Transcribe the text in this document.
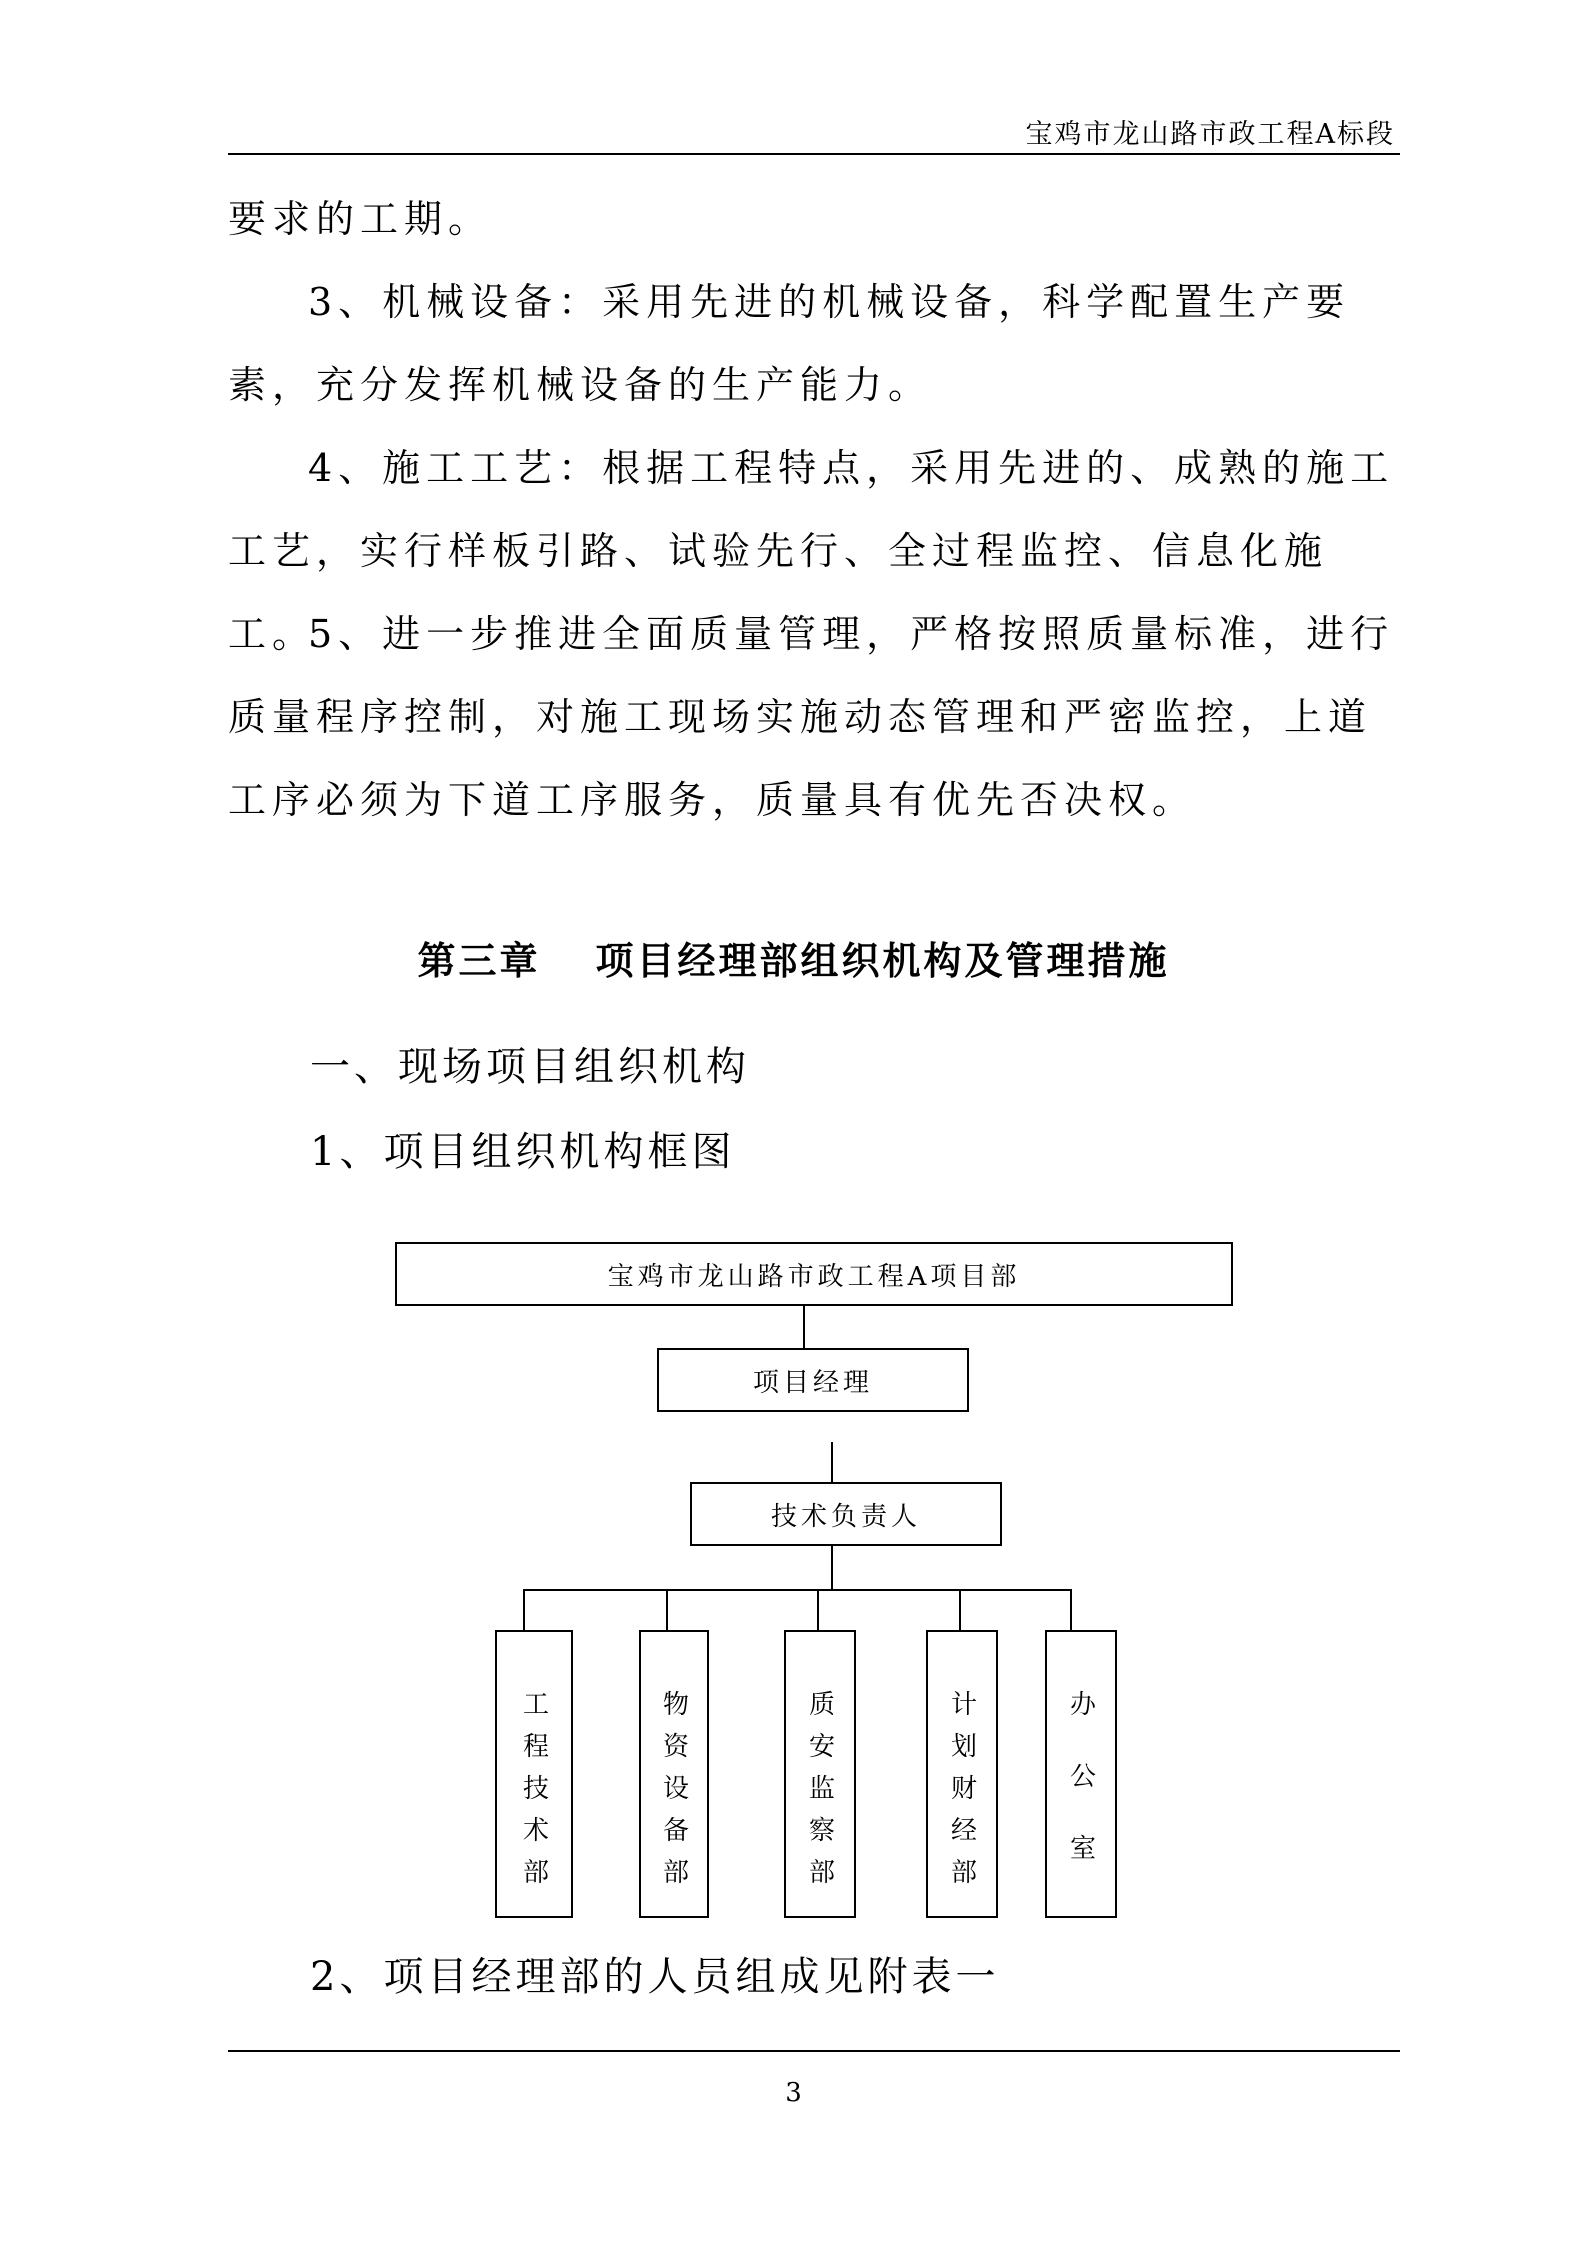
宝鸡市龙山路市政工程A标段

要求的工期。

3、机械设备：采用先进的机械设备，科学配置生产要素，充分发挥机械设备的生产能力。

4、施工工艺：根据工程特点，采用先进的、成熟的施工工艺，实行样板引路、试验先行、全过程监控、信息化施工。

5、进一步推进全面质量管理，严格按照质量标准，进行质量程序控制，对施工现场实施动态管理和严密监控，上道工序必须为下道工序服务，质量具有优先否决权。

第三章 项目经理部组织机构及管理措施
一、现场项目组织机构
1、项目组织机构框图
宝鸡市龙山路市政工程A项目部
项目经理
技术负责人
工程技术部	物资设备部	质安监察部	计划财经部	办公室
2、项目经理部的人员组成见附表一
3
